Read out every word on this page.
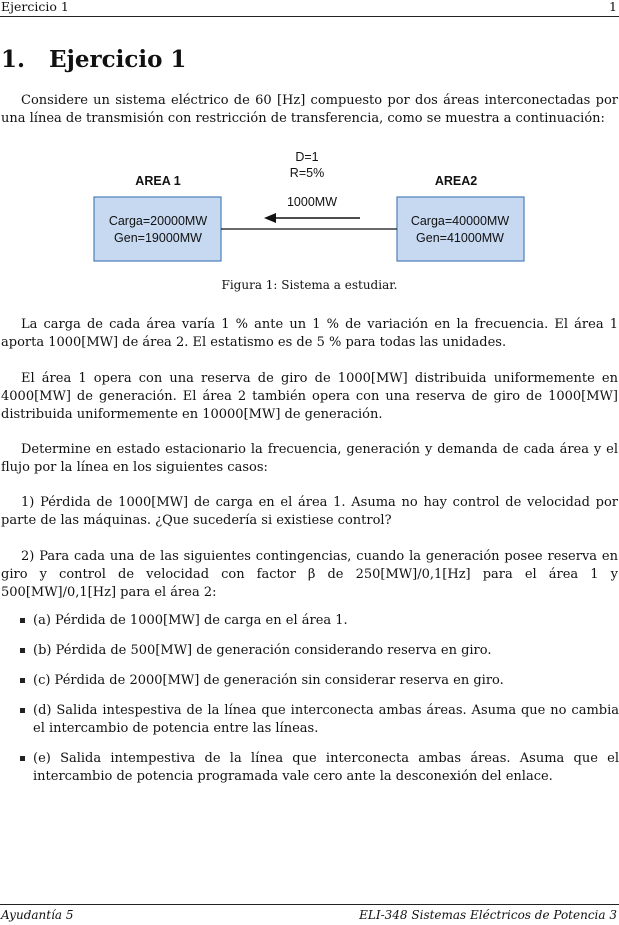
Ejercicio 1	1
1. Ejercicio 1

Considere un sistema eléctrico de 60 [Hz] compuesto por dos áreas interconectadas por una línea de transmisión con restricción de transferencia, como se muestra a continuación:

AREA 1	AREA2
D=1
R=5%
1000MW
Carga=20000MW
Gen=19000MW
Carga=40000MW
Gen=41000MW
Figura 1: Sistema a estudiar.

La carga de cada área varía 1 % ante un 1 % de variación en la frecuencia. El área 1 aporta 1000[MW] de área 2. El estatismo es de 5 % para todas las unidades.

El área 1 opera con una reserva de giro de 1000[MW] distribuida uniformemente en 4000[MW] de generación. El área 2 también opera con una reserva de giro de 1000[MW] distribuida uniformemente en 10000[MW] de generación.

Determine en estado estacionario la frecuencia, generación y demanda de cada área y el flujo por la línea en los siguientes casos:

1) Pérdida de 1000[MW] de carga en el área 1. Asuma no hay control de velocidad por parte de las máquinas. ¿Que sucedería si existiese control?

2) Para cada una de las siguientes contingencias, cuando la generación posee reserva en giro y control de velocidad con factor β de 250[MW]/0,1[Hz] para el área 1 y 500[MW]/0,1[Hz] para el área 2:

(a) Pérdida de 1000[MW] de carga en el área 1.
(b) Pérdida de 500[MW] de generación considerando reserva en giro.
(c) Pérdida de 2000[MW] de generación sin considerar reserva en giro.
(d) Salida intespestiva de la línea que interconecta ambas áreas. Asuma que no cambia el intercambio de potencia entre las líneas.
(e) Salida intempestiva de la línea que interconecta ambas áreas. Asuma que el intercambio de potencia programada vale cero ante la desconexión del enlace.
Ayudantía 5	ELI-348 Sistemas Eléctricos de Potencia 3
